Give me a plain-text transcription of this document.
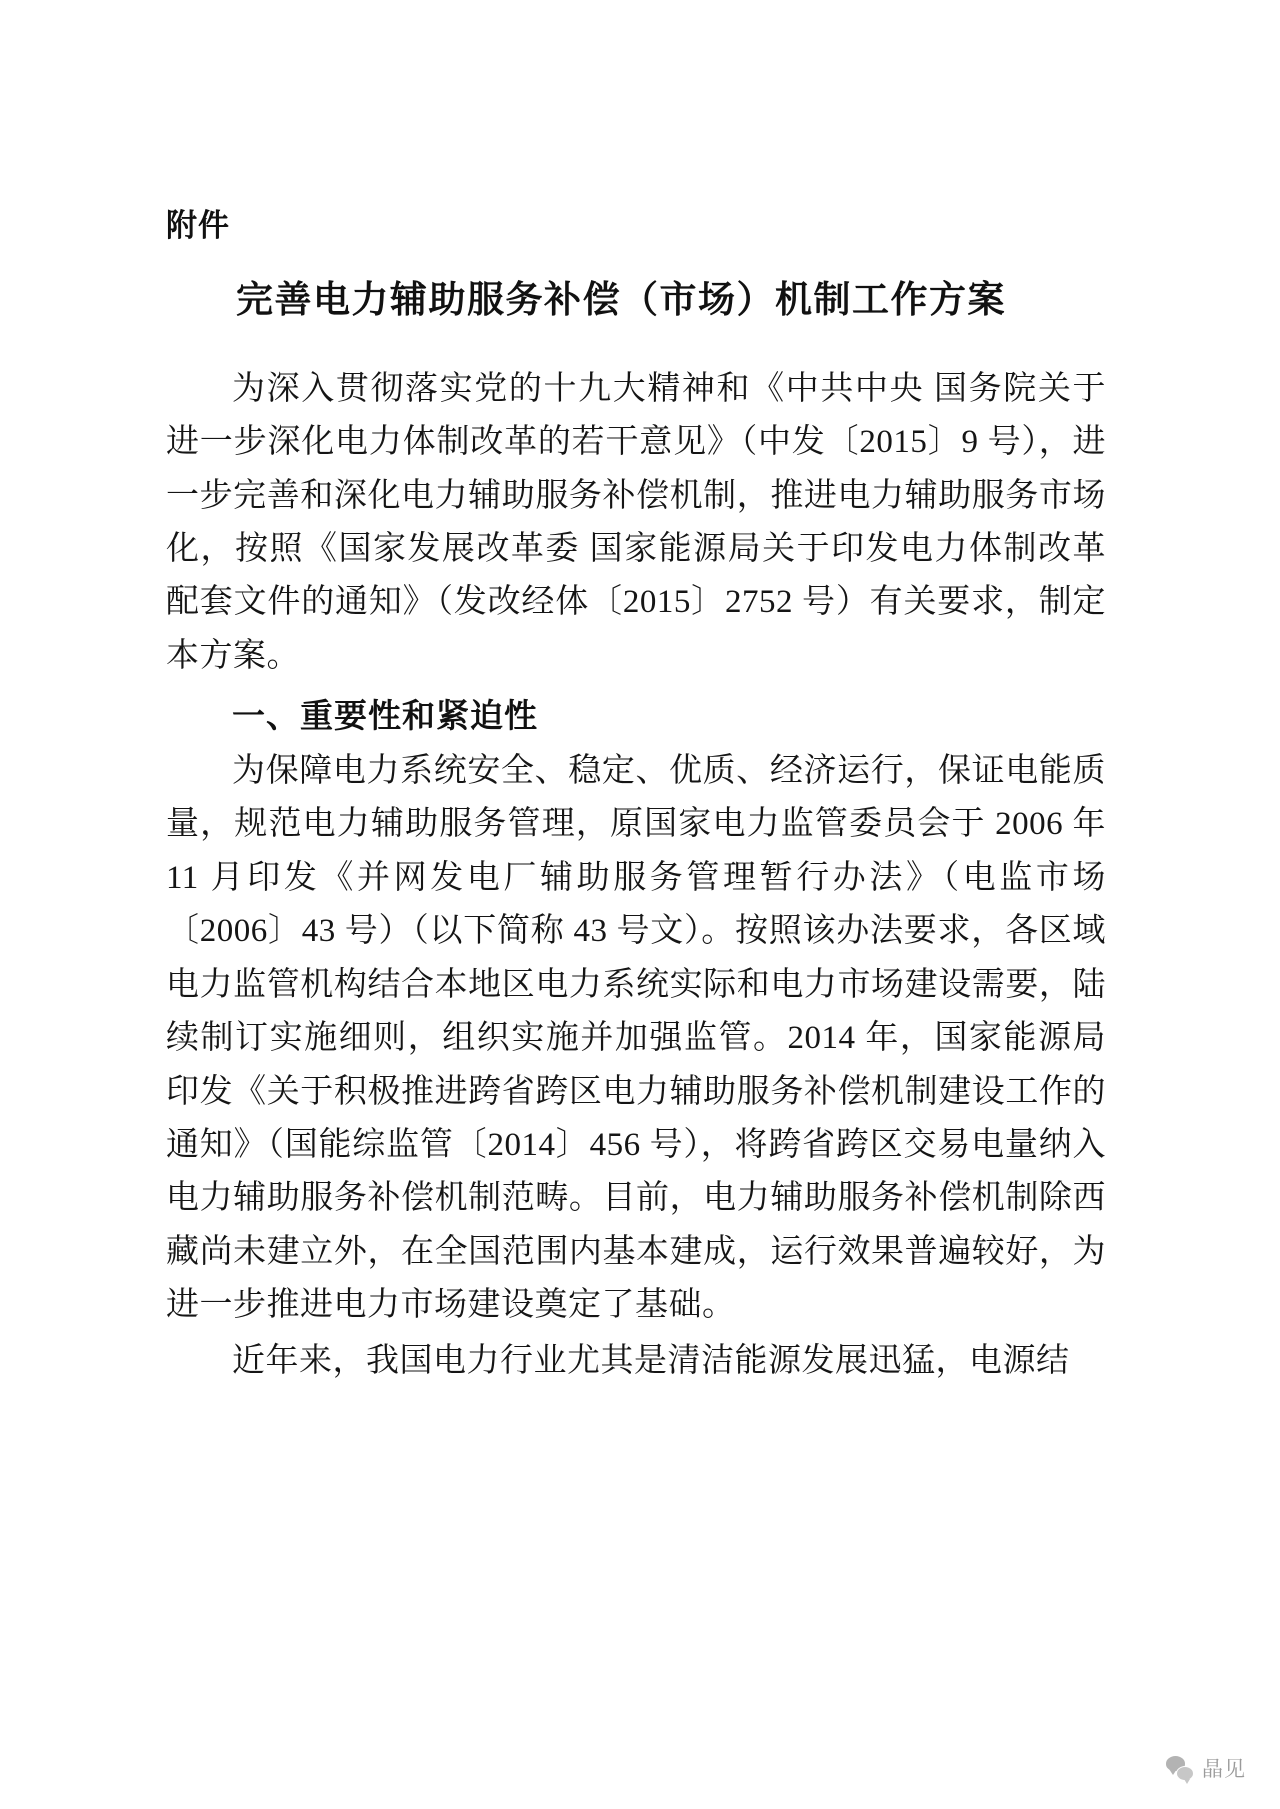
附件
完善电力辅助服务补偿（市场）机制工作方案

为深入贯彻落实党的十九大精神和《中共中央 国务院关于进一步深化电力体制改革的若干意见》（中发〔2015〕9 号），进一步完善和深化电力辅助服务补偿机制，推进电力辅助服务市场化，按照《国家发展改革委 国家能源局关于印发电力体制改革配套文件的通知》（发改经体〔2015〕2752 号）有关要求，制定本方案。

一、重要性和紧迫性

为保障电力系统安全、稳定、优质、经济运行，保证电能质量，规范电力辅助服务管理，原国家电力监管委员会于 2006 年 11 月印发《并网发电厂辅助服务管理暂行办法》（电监市场〔2006〕43 号）（以下简称 43 号文）。按照该办法要求，各区域电力监管机构结合本地区电力系统实际和电力市场建设需要，陆续制订实施细则，组织实施并加强监管。2014 年，国家能源局印发《关于积极推进跨省跨区电力辅助服务补偿机制建设工作的通知》（国能综监管〔2014〕456 号），将跨省跨区交易电量纳入电力辅助服务补偿机制范畴。目前，电力辅助服务补偿机制除西藏尚未建立外，在全国范围内基本建成，运行效果普遍较好，为进一步推进电力市场建设奠定了基础。

近年来，我国电力行业尤其是清洁能源发展迅猛，电源结

晶见
